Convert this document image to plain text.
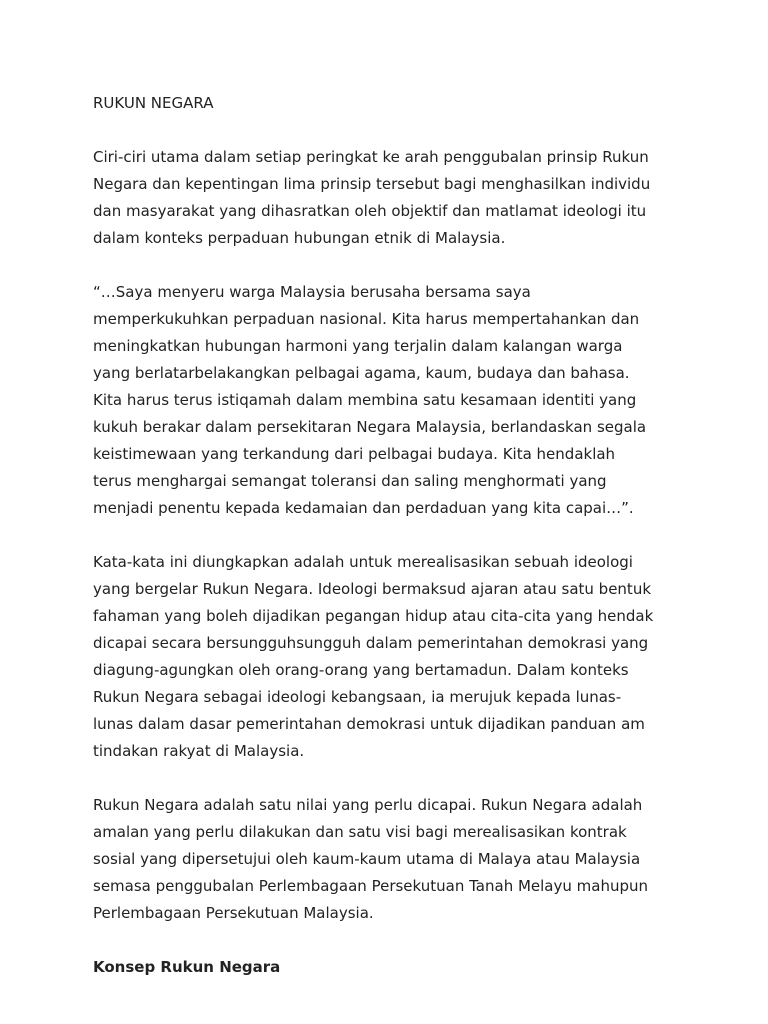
RUKUN NEGARA

Ciri-ciri utama dalam setiap peringkat ke arah penggubalan prinsip Rukun
Negara dan kepentingan lima prinsip tersebut bagi menghasilkan individu
dan masyarakat yang dihasratkan oleh objektif dan matlamat ideologi itu
dalam konteks perpaduan hubungan etnik di Malaysia.

“…Saya menyeru warga Malaysia berusaha bersama saya
memperkukuhkan perpaduan nasional. Kita harus mempertahankan dan
meningkatkan hubungan harmoni yang terjalin dalam kalangan warga
yang berlatarbelakangkan pelbagai agama, kaum, budaya dan bahasa.
Kita harus terus istiqamah dalam membina satu kesamaan identiti yang
kukuh berakar dalam persekitaran Negara Malaysia, berlandaskan segala
keistimewaan yang terkandung dari pelbagai budaya. Kita hendaklah
terus menghargai semangat toleransi dan saling menghormati yang
menjadi penentu kepada kedamaian dan perdaduan yang kita capai…”.

Kata-kata ini diungkapkan adalah untuk merealisasikan sebuah ideologi
yang bergelar Rukun Negara. Ideologi bermaksud ajaran atau satu bentuk
fahaman yang boleh dijadikan pegangan hidup atau cita-cita yang hendak
dicapai secara bersungguhsungguh dalam pemerintahan demokrasi yang
diagung-agungkan oleh orang-orang yang bertamadun. Dalam konteks
Rukun Negara sebagai ideologi kebangsaan, ia merujuk kepada lunas-
lunas dalam dasar pemerintahan demokrasi untuk dijadikan panduan am
tindakan rakyat di Malaysia.

Rukun Negara adalah satu nilai yang perlu dicapai. Rukun Negara adalah
amalan yang perlu dilakukan dan satu visi bagi merealisasikan kontrak
sosial yang dipersetujui oleh kaum-kaum utama di Malaya atau Malaysia
semasa penggubalan Perlembagaan Persekutuan Tanah Melayu mahupun
Perlembagaan Persekutuan Malaysia.

Konsep Rukun Negara
